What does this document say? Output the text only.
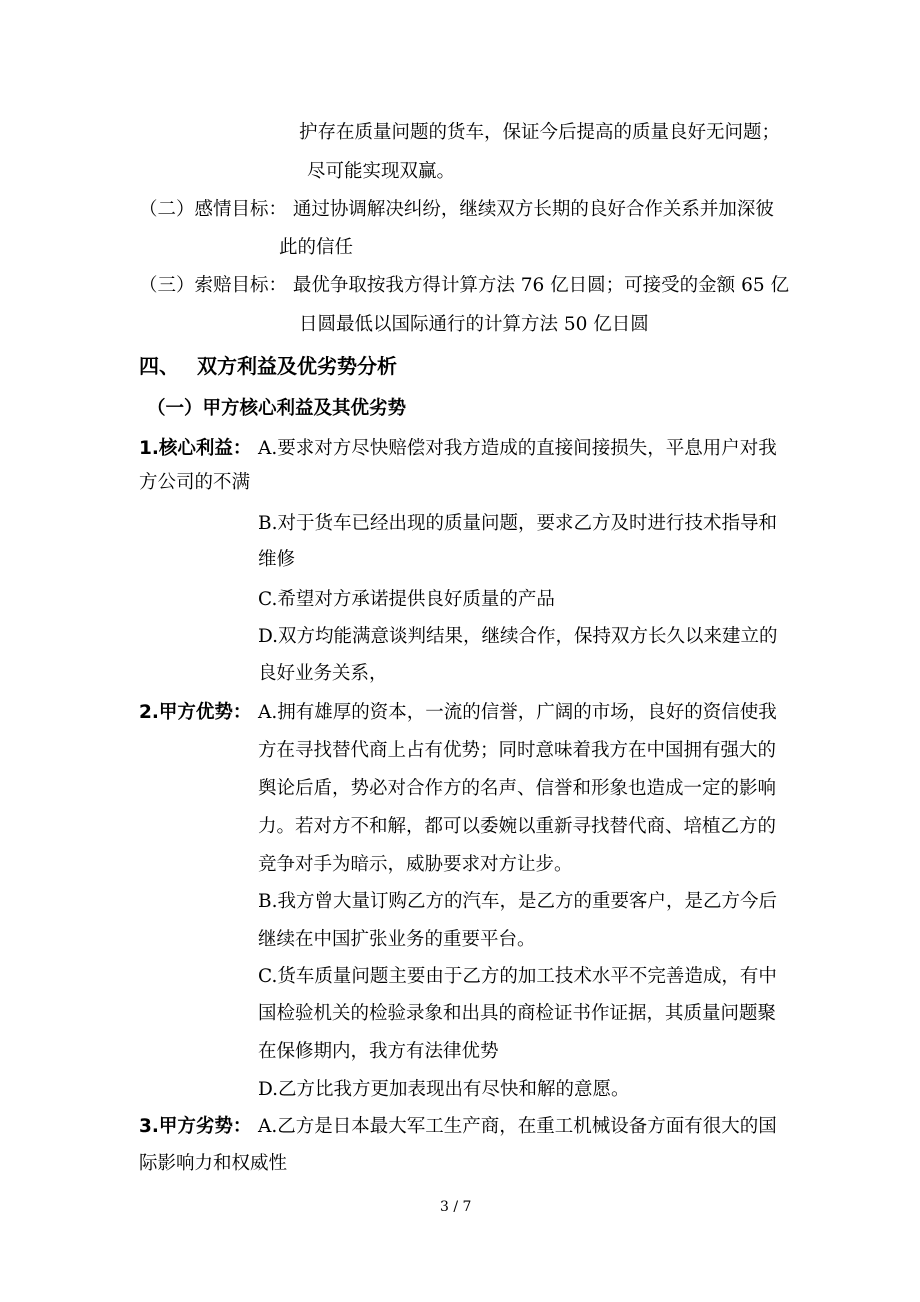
护存在质量问题的货车，保证今后提高的质量良好无问题；
尽可能实现双赢。
（二）感情目标： 通过协调解决纠纷，继续双方长期的良好合作关系并加深彼
此的信任
（三）索赔目标： 最优争取按我方得计算方法 76 亿日圆；可接受的金额 65 亿
日圆最低以国际通行的计算方法 50 亿日圆
四、 双方利益及优劣势分析
（一）甲方核心利益及其优劣势
1.核心利益： A.要求对方尽快赔偿对我方造成的直接间接损失，平息用户对我
方公司的不满
B.对于货车已经出现的质量问题，要求乙方及时进行技术指导和
维修
C.希望对方承诺提供良好质量的产品
D.双方均能满意谈判结果，继续合作，保持双方长久以来建立的
良好业务关系，
2.甲方优势： A.拥有雄厚的资本，一流的信誉，广阔的市场，良好的资信使我
方在寻找替代商上占有优势；同时意味着我方在中国拥有强大的
舆论后盾，势必对合作方的名声、信誉和形象也造成一定的影响
力。若对方不和解，都可以委婉以重新寻找替代商、培植乙方的
竞争对手为暗示，威胁要求对方让步。
B.我方曾大量订购乙方的汽车，是乙方的重要客户，是乙方今后
继续在中国扩张业务的重要平台。
C.货车质量问题主要由于乙方的加工技术水平不完善造成，有中
国检验机关的检验录象和出具的商检证书作证据，其质量问题聚
在保修期内，我方有法律优势
D.乙方比我方更加表现出有尽快和解的意愿。
3.甲方劣势： A.乙方是日本最大军工生产商，在重工机械设备方面有很大的国
际影响力和权威性
3 / 7
